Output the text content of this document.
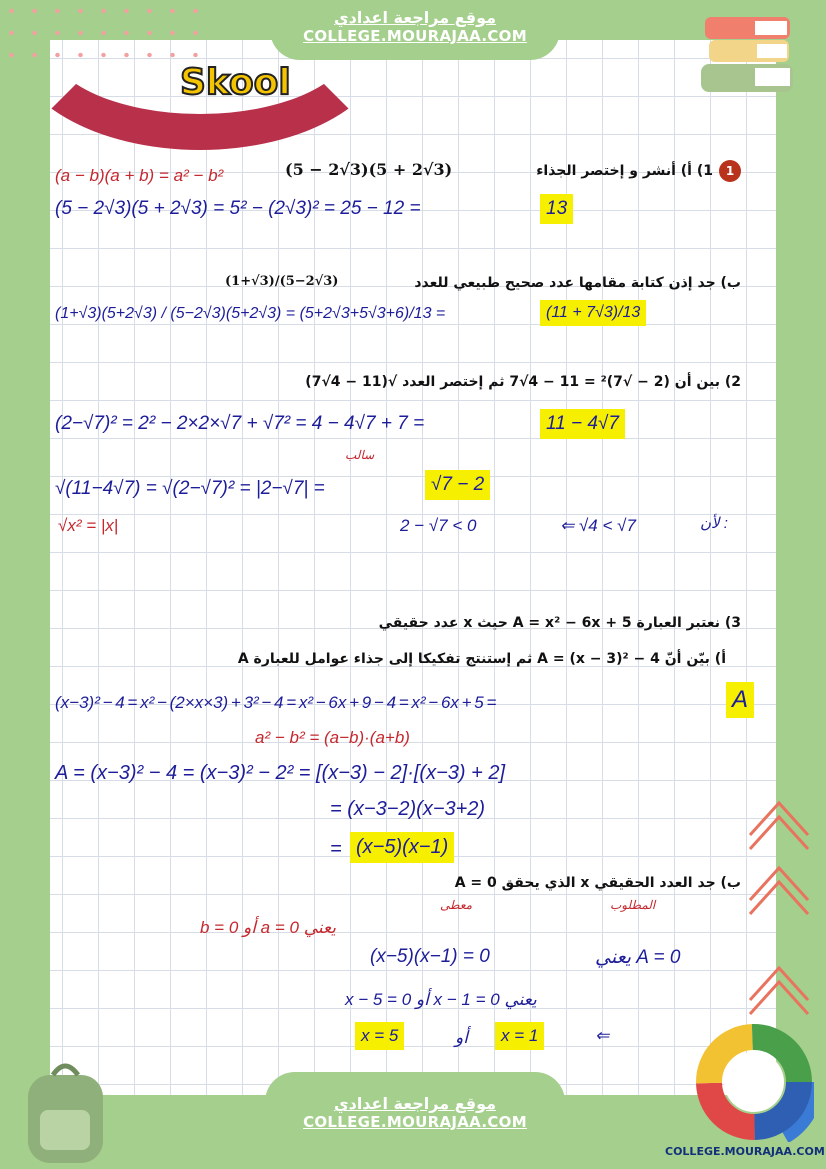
Skool
موقع مراجعة اعدادي
COLLEGE.MOURAJAA.COM
11) أ) أنشر و إختصر الجذاء
(5 − 2√3)(5 + 2√3)
(a − b)(a + b) = a² − b²
(5 − 2√3)(5 + 2√3) = 5² − (2√3)² = 25 − 12 =	13
ب) جد إذن كتابة مقامها عدد صحيح طبيعي للعدد
(1+√3)/(5−2√3)
(1+√3)(5+2√3) / (5−2√3)(5+2√3) = (5+2√3+5√3+6)/13 =	(11 + 7√3)/13
2) بين أن (2 − √7)² = 11 − 4√7 ثم إختصر العدد √(11 − 4√7)
(2−√7)² = 2² − 2×2×√7 + √7² = 4 − 4√7 + 7 =	11 − 4√7
سالب
√(11−4√7) = √(2−√7)² = |2−√7| =	√7 − 2
√x² = |x|	2 − √7 < 0	⇐ √4 < √7	لأن :
3) نعتبر العبارة A = x² − 6x + 5 حيث x عدد حقيقي
أ) بيّن أنّ A = (x − 3)² − 4 ثم إستنتج تفكيكا إلى جذاء عوامل للعبارة A
(x−3)² − 4 = x² − (2×x×3) + 3² − 4 = x² − 6x + 9 − 4 = x² − 6x + 5 =	A
a² − b² = (a−b)·(a+b)
A = (x−3)² − 4 = (x−3)² − 2² = [(x−3) − 2]·[(x−3) + 2]
= (x−3−2)(x−3+2)
= (x−5)(x−1)
ب) جد العدد الحقيقي x الذي يحقق A = 0
معطى	المطلوب
b = 0 أو a = 0 يعني
(x−5)(x−1) = 0	يعني A = 0
x − 5 = 0 أو x − 1 = 0 يعني
x = 5	أو	x = 1	⇐
موقع مراجعة اعدادي
COLLEGE.MOURAJAA.COM
COLLEGE.MOURAJAA.COM
